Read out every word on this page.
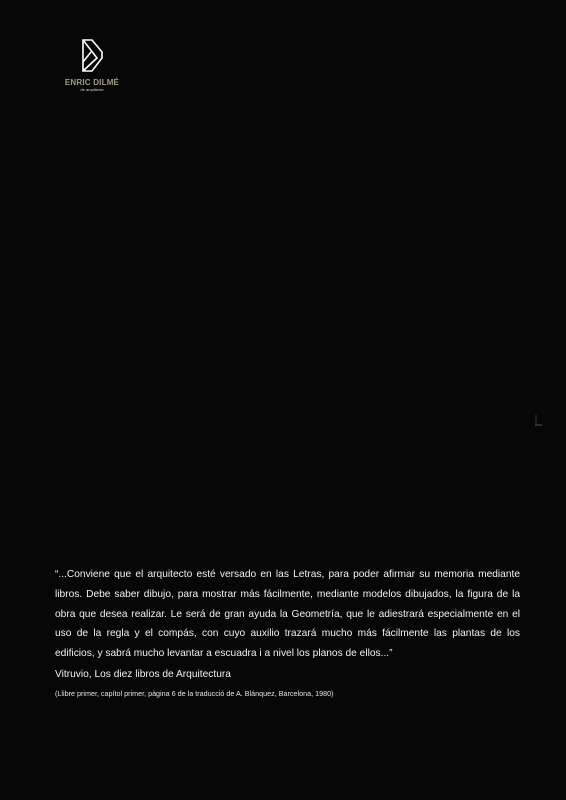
ENRIC DILMÉ
de arquitecte

“...Conviene que el arquitecto esté versado en las Letras, para poder afirmar su memoria mediante libros. Debe saber dibujo, para mostrar más fácilmente, mediante modelos dibujados, la figura de la obra que desea realizar. Le será de gran ayuda la Geometría, que le adiestrará especialmente en el uso de la regla y el compás, con cuyo auxilio trazará mucho más fácilmente las plantas de los edificios, y sabrá mucho levantar a escuadra i a nivel los planos de ellos...”

Vitruvio, Los diez libros de Arquitectura

(Llibre primer, capítol primer, pàgina 6 de la traducció de A. Blánquez, Barcelona, 1980)
